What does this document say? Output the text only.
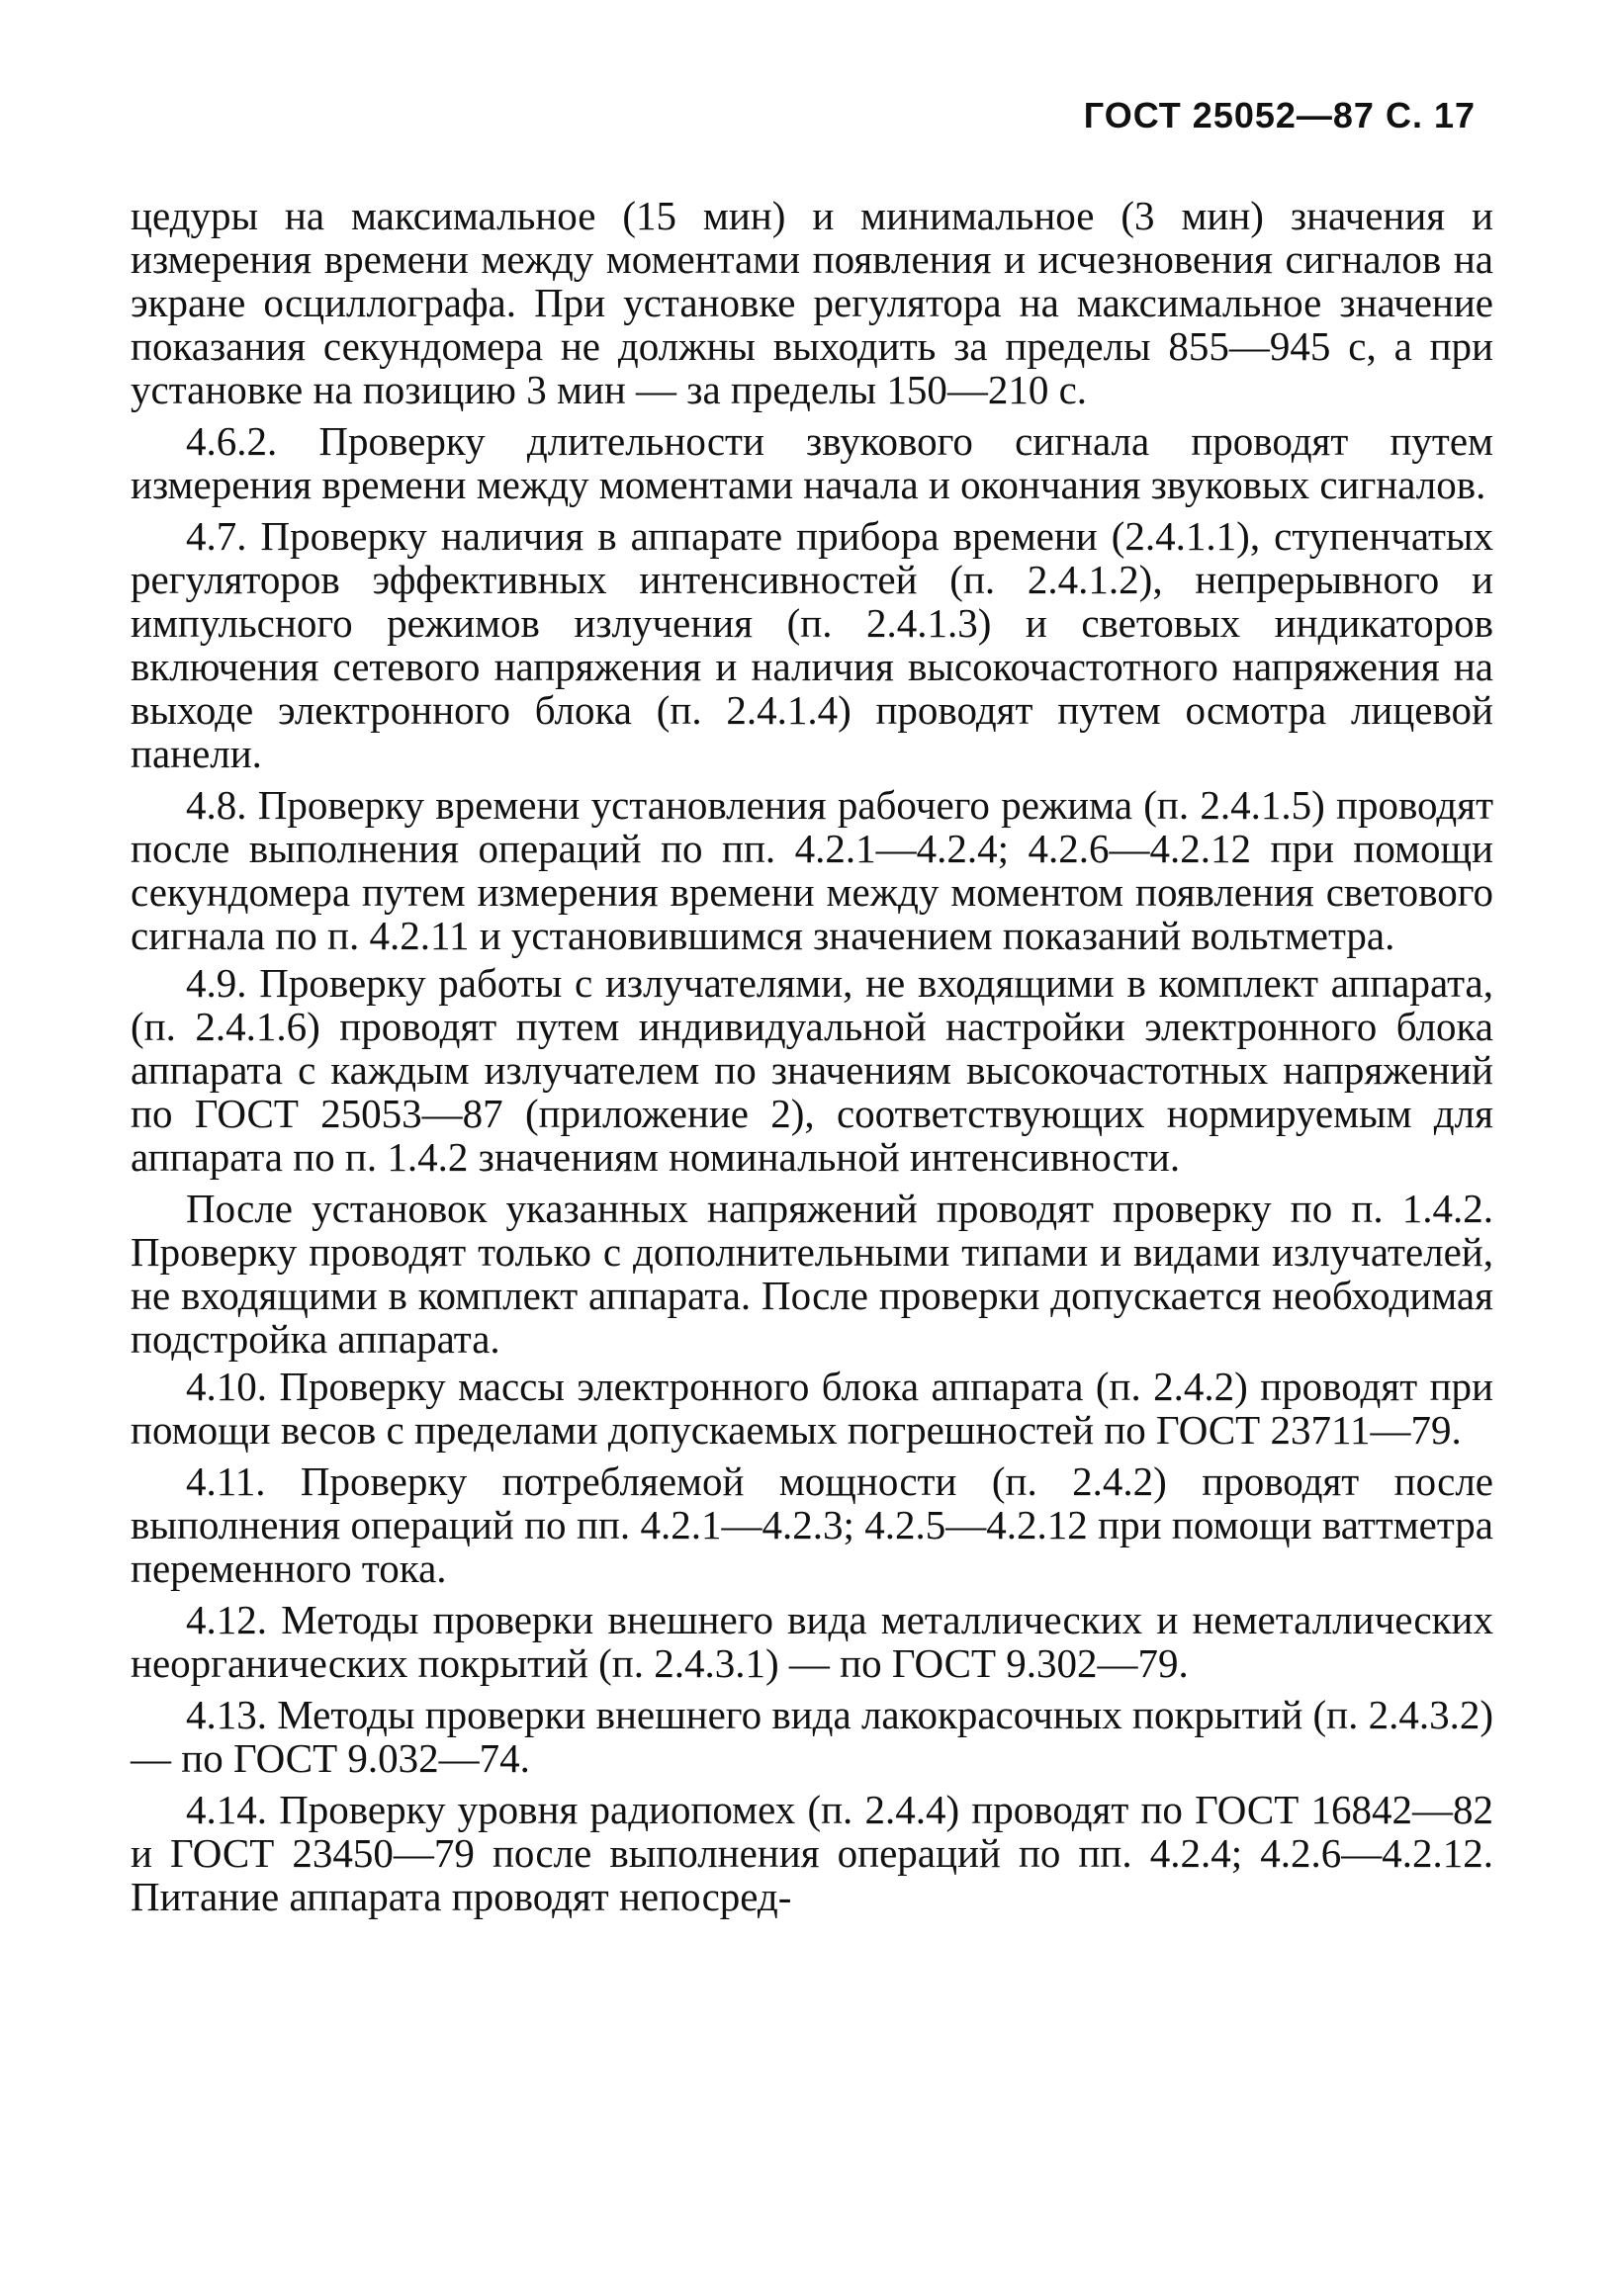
ГОСТ 25052—87 С. 17

цедуры на максимальное (15 мин) и минимальное (3 мин) значения и измерения времени между моментами появления и исчезновения сигналов на экране осциллографа. При установке регулятора на максимальное значение показания секундомера не должны выходить за пределы 855—945 с, а при установке на позицию 3 мин — за пределы 150—210 с.

4.6.2. Проверку длительности звукового сигнала проводят путем измерения времени между моментами начала и окончания звуковых сигналов.

4.7. Проверку наличия в аппарате прибора времени (2.4.1.1), ступенчатых регуляторов эффективных интенсивностей (п. 2.4.1.2), непрерывного и импульсного режимов излучения (п. 2.4.1.3) и световых индикаторов включения сетевого напряжения и наличия высокочастотного напряжения на выходе электронного блока (п. 2.4.1.4) проводят путем осмотра лицевой панели.

4.8. Проверку времени установления рабочего режима (п. 2.4.1.5) проводят после выполнения операций по пп. 4.2.1—4.2.4; 4.2.6—4.2.12 при помощи секундомера путем измерения времени между моментом появления светового сигнала по п. 4.2.11 и установившимся значением показаний вольтметра.

4.9. Проверку работы с излучателями, не входящими в комплект аппарата, (п. 2.4.1.6) проводят путем индивидуальной настройки электронного блока аппарата с каждым излучателем по значениям высокочастотных напряжений по ГОСТ 25053—87 (приложение 2), соответствующих нормируемым для аппарата по п. 1.4.2 значениям номинальной интенсивности.

После установок указанных напряжений проводят проверку по п. 1.4.2. Проверку проводят только с дополнительными типами и видами излучателей, не входящими в комплект аппарата. После проверки допускается необходимая подстройка аппарата.

4.10. Проверку массы электронного блока аппарата (п. 2.4.2) проводят при помощи весов с пределами допускаемых погрешностей по ГОСТ 23711—79.

4.11. Проверку потребляемой мощности (п. 2.4.2) проводят после выполнения операций по пп. 4.2.1—4.2.3; 4.2.5—4.2.12 при помощи ваттметра переменного тока.

4.12. Методы проверки внешнего вида металлических и неметаллических неорганических покрытий (п. 2.4.3.1) — по ГОСТ 9.302—79.

4.13. Методы проверки внешнего вида лакокрасочных покрытий (п. 2.4.3.2) — по ГОСТ 9.032—74.

4.14. Проверку уровня радиопомех (п. 2.4.4) проводят по ГОСТ 16842—82 и ГОСТ 23450—79 после выполнения операций по пп. 4.2.4; 4.2.6—4.2.12. Питание аппарата проводят непосред-
